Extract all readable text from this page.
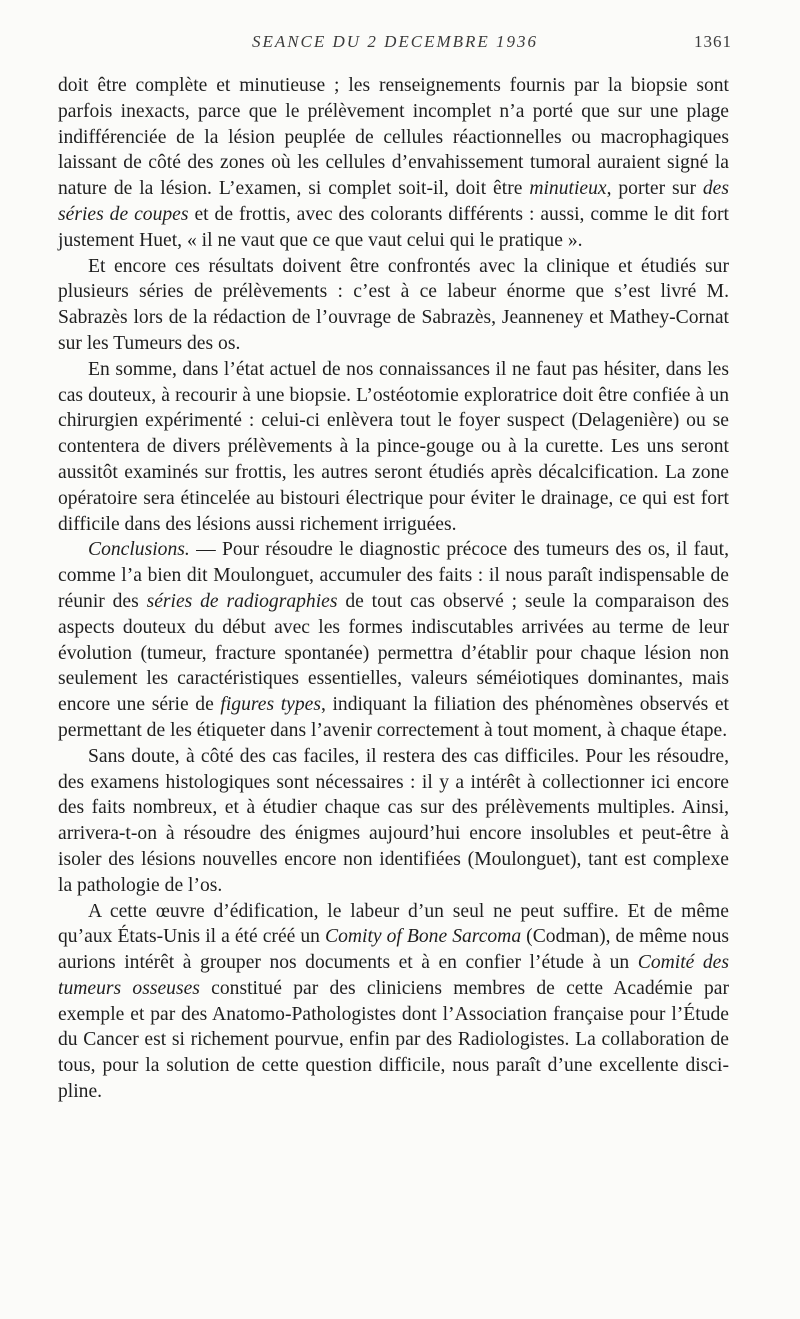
SEANCE DU 2 DECEMBRE 1936	1361

doit être complète et minutieuse ; les renseignements fournis par la biopsie sont parfois inexacts, parce que le prélèvement incomplet n’a porté que sur une plage indifférenciée de la lésion peuplée de cellules réactionnelles ou macrophagiques laissant de côté des zones où les cellules d’envahissement tumoral auraient signé la nature de la lésion. L’examen, si complet soit-il, doit être minutieux, porter sur des séries de coupes et de frottis, avec des colorants différents : aussi, comme le dit fort justement Huet, « il ne vaut que ce que vaut celui qui le pratique ».

Et encore ces résultats doivent être confrontés avec la clinique et étudiés sur plusieurs séries de prélèvements : c’est à ce labeur énorme que s’est livré M. Sabrazès lors de la rédaction de l’ouvrage de Sabrazès, Jeanneney et Mathey-Cornat sur les Tumeurs des os.

En somme, dans l’état actuel de nos connaissances il ne faut pas hésiter, dans les cas douteux, à recourir à une biopsie. L’ostéotomie exploratrice doit être confiée à un chirurgien expérimenté : celui-ci enlèvera tout le foyer suspect (Delagenière) ou se contentera de divers prélèvements à la pince-gouge ou à la curette. Les uns seront aussitôt examinés sur frottis, les autres seront étudiés après décalcification. La zone opératoire sera étincelée au bistouri électrique pour éviter le drainage, ce qui est fort difficile dans des lésions aussi richement irriguées.

Conclusions. — Pour résoudre le diagnostic précoce des tumeurs des os, il faut, comme l’a bien dit Moulonguet, accumuler des faits : il nous paraît indispensable de réunir des séries de radiographies de tout cas observé ; seule la comparaison des aspects douteux du début avec les formes indiscutables arrivées au terme de leur évolution (tumeur, fracture spontanée) permettra d’établir pour chaque lésion non seulement les caractéristiques essentielles, valeurs séméiotiques dominantes, mais encore une série de figures types, indiquant la filiation des phénomènes observés et permettant de les étiqueter dans l’avenir correctement à tout moment, à chaque étape.

Sans doute, à côté des cas faciles, il restera des cas difficiles. Pour les résoudre, des examens histologiques sont nécessaires : il y a intérêt à collectionner ici encore des faits nombreux, et à étudier chaque cas sur des prélèvements multiples. Ainsi, arrivera-t-on à résoudre des énigmes aujourd’hui encore insolubles et peut-être à isoler des lésions nouvelles encore non identifiées (Moulonguet), tant est complexe la pathologie de l’os.

A cette œuvre d’édification, le labeur d’un seul ne peut suffire. Et de même qu’aux États-Unis il a été créé un Comity of Bone Sarcoma (Codman), de même nous aurions intérêt à grouper nos documents et à en confier l’étude à un Comité des tumeurs osseuses constitué par des cliniciens membres de cette Académie par exemple et par des Anatomo-Pathologistes dont l’Association française pour l’Étude du Cancer est si richement pourvue, enfin par des Radiologistes. La collaboration de tous, pour la solution de cette question difficile, nous paraît d’une excellente discipline.
